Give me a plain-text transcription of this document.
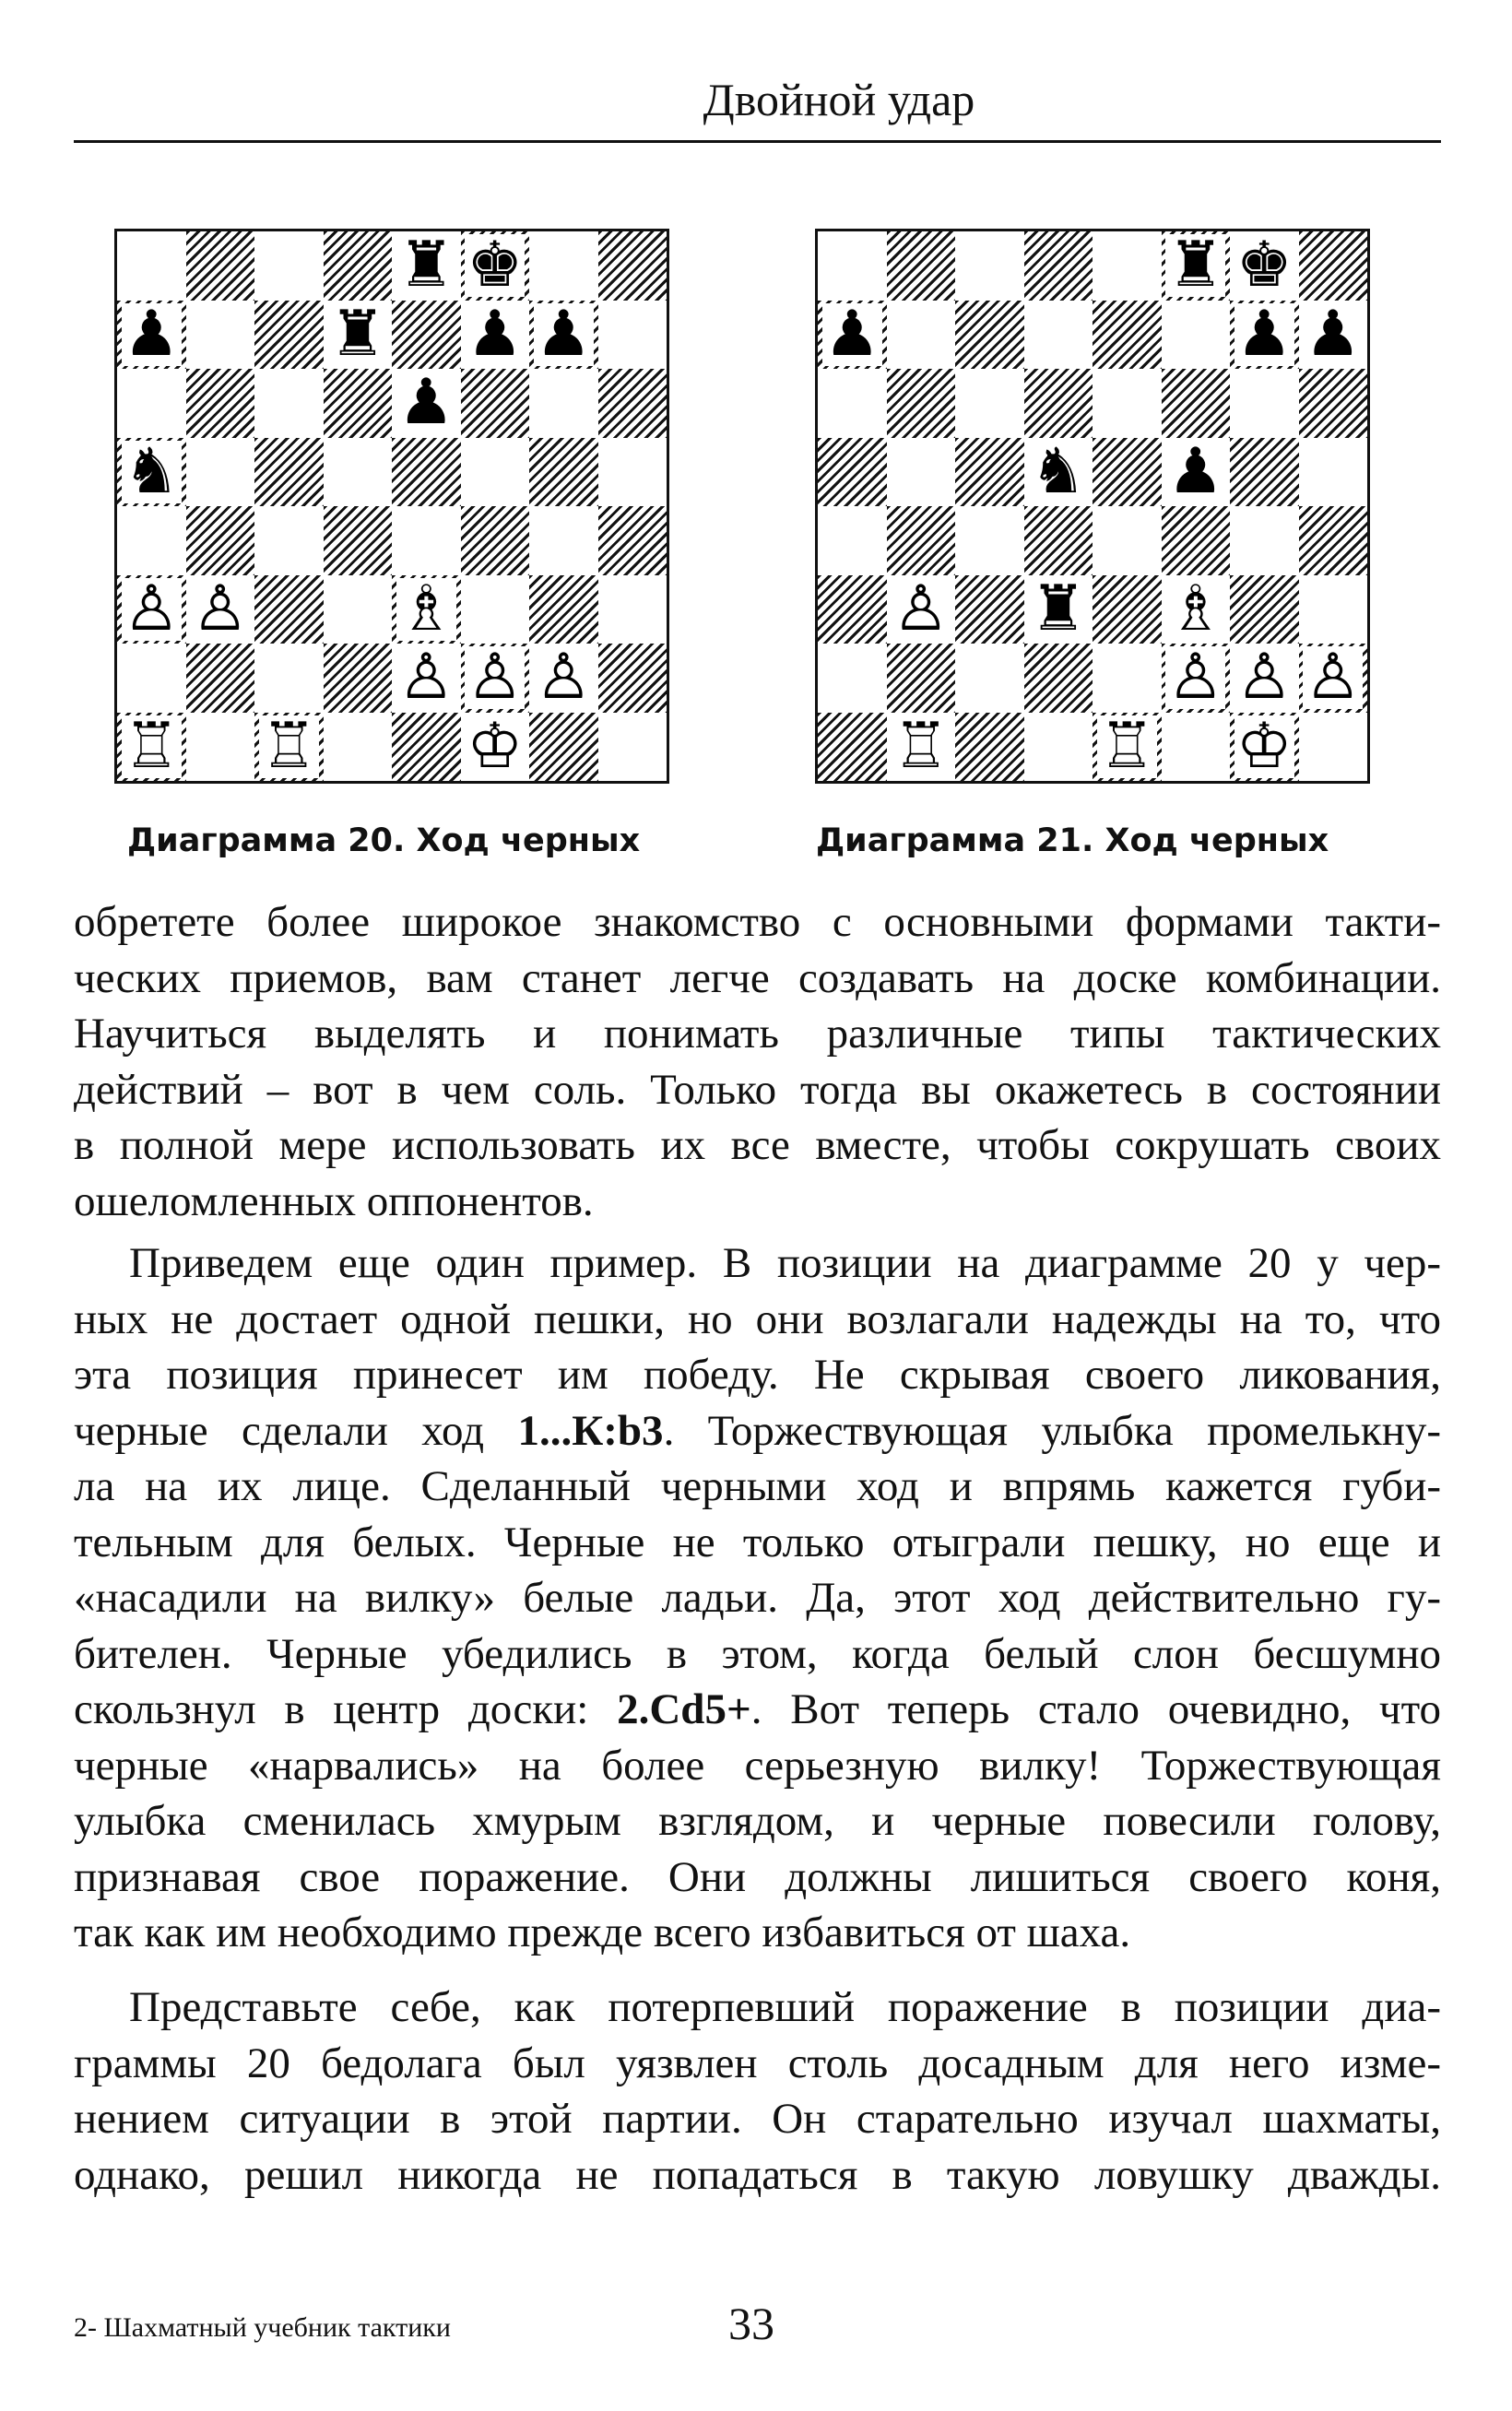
Двойной удар
♜ ♚
♟ ♜ ♟ ♟
♟
♞
♙ ♙ ♗
♙ ♙ ♙
♖ ♖ ♔
♜ ♚
♟	♟ ♟
♞ ♟
♙ ♜ ♗
♙ ♙ ♙
♖ ♖ ♔
Диаграмма 20. Ход черных	Диаграмма 21. Ход черных
обретете более широкое знакомство с основными формами такти-
ческих приемов, вам станет легче создавать на доске комбинации.
Научиться выделять и понимать различные типы тактических
действий – вот в чем соль. Только тогда вы окажетесь в состоянии
в полной мере использовать их все вместе, чтобы сокрушать своих
ошеломленных оппонентов.
Приведем еще один пример. В позиции на диаграмме 20 у чер-
ных не достает одной пешки, но они возлагали надежды на то, что
эта позиция принесет им победу. Не скрывая своего ликования,
черные сделали ход 1...К:b3. Торжествующая улыбка промелькну-
ла на их лице. Сделанный черными ход и впрямь кажется губи-
тельным для белых. Черные не только отыграли пешку, но еще и
«насадили на вилку» белые ладьи. Да, этот ход действительно гу-
бителен. Черные убедились в этом, когда белый слон бесшумно
скользнул в центр доски: 2.Cd5+. Вот теперь стало очевидно, что
черные «нарвались» на более серьезную вилку! Торжествующая
улыбка сменилась хмурым взглядом, и черные повесили голову,
признавая свое поражение. Они должны лишиться своего коня,
так как им необходимо прежде всего избавиться от шаха.
Представьте себе, как потерпевший поражение в позиции диа-
граммы 20 бедолага был уязвлен столь досадным для него изме-
нением ситуации в этой партии. Он старательно изучал шахматы,
однако, решил никогда не попадаться в такую ловушку дважды.
2- Шахматный учебник тактики	33
